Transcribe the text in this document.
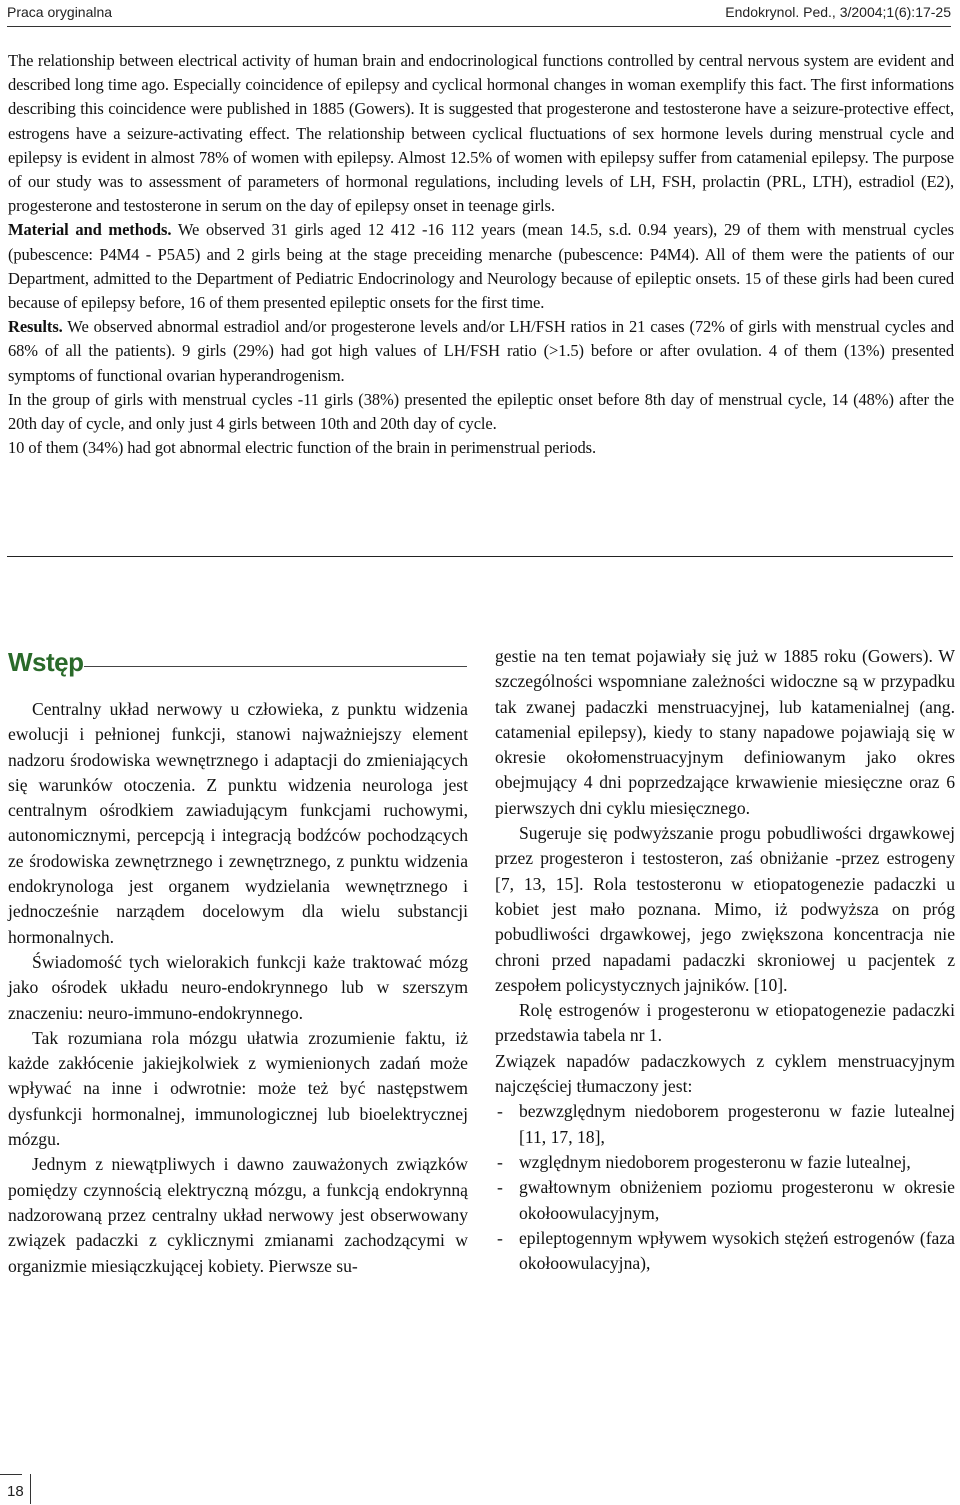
Praca oryginalna	Endokrynol. Ped., 3/2004;1(6):17-25

The relationship between electrical activity of human brain and endocrinological functions controlled by central nervous system are evident and described long time ago. Especially coincidence of epilepsy and cyclical hormonal changes in woman exemplify this fact. The first informations describing this coincidence were published in 1885 (Gowers). It is suggested that progesterone and testosterone have a seizure-protective effect, estrogens have a seizure-activating effect. The relationship between cyclical fluctuations of sex hormone levels during menstrual cycle and epilepsy is evident in almost 78% of women with epilepsy. Almost 12.5% of women with epilepsy suffer from catamenial epilepsy. The purpose of our study was to assessment of parameters of hormonal regulations, including levels of LH, FSH, prolactin (PRL, LTH), estradiol (E2), progesterone and testosterone in serum on the day of epilepsy onset in teenage girls.

Material and methods. We observed 31 girls aged 12 412 -16 112 years (mean 14.5, s.d. 0.94 years), 29 of them with menstrual cycles (pubescence: P4M4 - P5A5) and 2 girls being at the stage preceiding menarche (pubescence: P4M4). All of them were the patients of our Department, admitted to the Department of Pediatric Endocrinology and Neurology because of epileptic onsets. 15 of these girls had been cured because of epilepsy before, 16 of them presented epileptic onsets for the first time.

Results. We observed abnormal estradiol and/or progesterone levels and/or LH/FSH ratios in 21 cases (72% of girls with menstrual cycles and 68% of all the patients). 9 girls (29%) had got high values of LH/FSH ratio (>1.5) before or after ovulation. 4 of them (13%) presented symptoms of functional ovarian hyperandrogenism.

In the group of girls with menstrual cycles -11 girls (38%) presented the epileptic onset before 8th day of menstrual cycle, 14 (48%) after the 20th day of cycle, and only just 4 girls between 10th and 20th day of cycle.

10 of them (34%) had got abnormal electric function of the brain in perimenstrual periods.

Wstęp

Centralny układ nerwowy u człowieka, z punktu widzenia ewolucji i pełnionej funkcji, stanowi najważniejszy element nadzoru środowiska wewnętrznego i adaptacji do zmieniających się warunków otoczenia. Z punktu widzenia neurologa jest centralnym ośrodkiem zawiadującym funkcjami ruchowymi, autonomicznymi, percepcją i integracją bodźców pochodzących ze środowiska zewnętrznego i zewnętrznego, z punktu widzenia endokrynologa jest organem wydzielania wewnętrznego i jednocześnie narządem docelowym dla wielu substancji hormonalnych.

Świadomość tych wielorakich funkcji każe traktować mózg jako ośrodek układu neuro-endokrynnego lub w szerszym znaczeniu: neuro-immuno-endokrynnego.

Tak rozumiana rola mózgu ułatwia zrozumienie faktu, iż każde zakłócenie jakiejkolwiek z wymienionych zadań może wpływać na inne i odwrotnie: może też być następstwem dysfunkcji hormonalnej, immunologicznej lub bioelektrycznej mózgu.

Jednym z niewątpliwych i dawno zauważonych związków pomiędzy czynnością elektryczną mózgu, a funkcją endokrynną nadzorowaną przez centralny układ nerwowy jest obserwowany związek padaczki z cyklicznymi zmianami zachodzącymi w organizmie miesiączkującej kobiety. Pierwsze su-

gestie na ten temat pojawiały się już w 1885 roku (Gowers). W szczególności wspomniane zależności widoczne są w przypadku tak zwanej padaczki menstruacyjnej, lub katamenialnej (ang. catamenial epilepsy), kiedy to stany napadowe pojawiają się w okresie okołomenstruacyjnym definiowanym jako okres obejmujący 4 dni poprzedzające krwawienie miesięczne oraz 6 pierwszych dni cyklu miesięcznego.

Sugeruje się podwyższanie progu pobudliwości drgawkowej przez progesteron i testosteron, zaś obniżanie -przez estrogeny [7, 13, 15]. Rola testosteronu w etiopatogenezie padaczki u kobiet jest mało poznana. Mimo, iż podwyższa on próg pobudliwości drgawkowej, jego zwiększona koncentracja nie chroni przed napadami padaczki skroniowej u pacjentek z zespołem policystycznych jajników. [10].

Rolę estrogenów i progesteronu w etiopatogenezie padaczki przedstawia tabela nr 1.

Związek napadów padaczkowych z cyklem menstruacyjnym najczęściej tłumaczony jest:

- bezwzględnym niedoborem progesteronu w fazie lutealnej [11, 17, 18],
- względnym niedoborem progesteronu w fazie lutealnej,
- gwałtownym obniżeniem poziomu progesteronu w okresie okołoowulacyjnym,
- epileptogennym wpływem wysokich stężeń estrogenów (faza okołoowulacyjna),
18
